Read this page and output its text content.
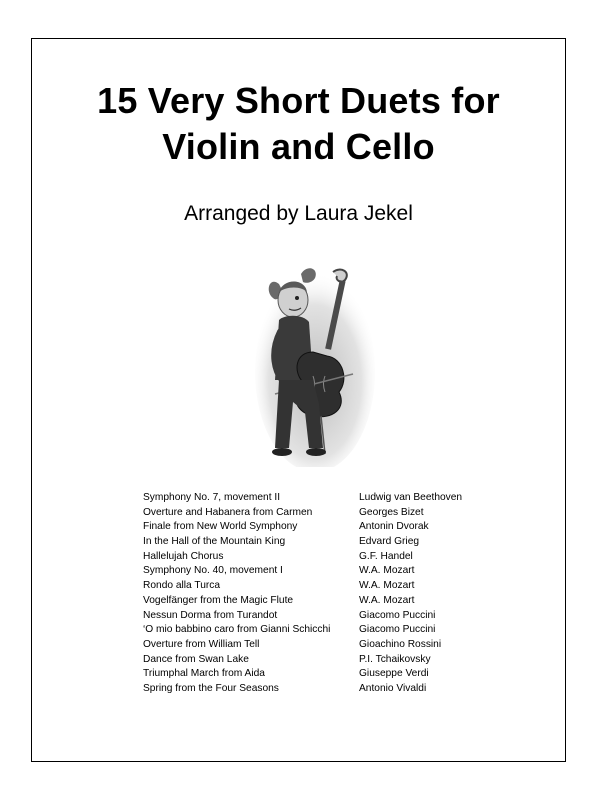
15 Very Short Duets for
Violin and Cello
Arranged by Laura Jekel
Symphony No. 7, movement II	Ludwig van Beethoven
Overture and Habanera from Carmen	Georges Bizet
Finale from New World Symphony	Antonin Dvorak
In the Hall of the Mountain King	Edvard Grieg
Hallelujah Chorus	G.F. Handel
Symphony No. 40, movement I	W.A. Mozart
Rondo alla Turca	W.A. Mozart
Vogelfänger from the Magic Flute	W.A. Mozart
Nessun Dorma from Turandot	Giacomo Puccini
‘O mio babbino caro from Gianni Schicchi	Giacomo Puccini
Overture from William Tell	Gioachino Rossini
Dance from Swan Lake	P.I. Tchaikovsky
Triumphal March from Aida	Giuseppe Verdi
Spring from the Four Seasons	Antonio Vivaldi
